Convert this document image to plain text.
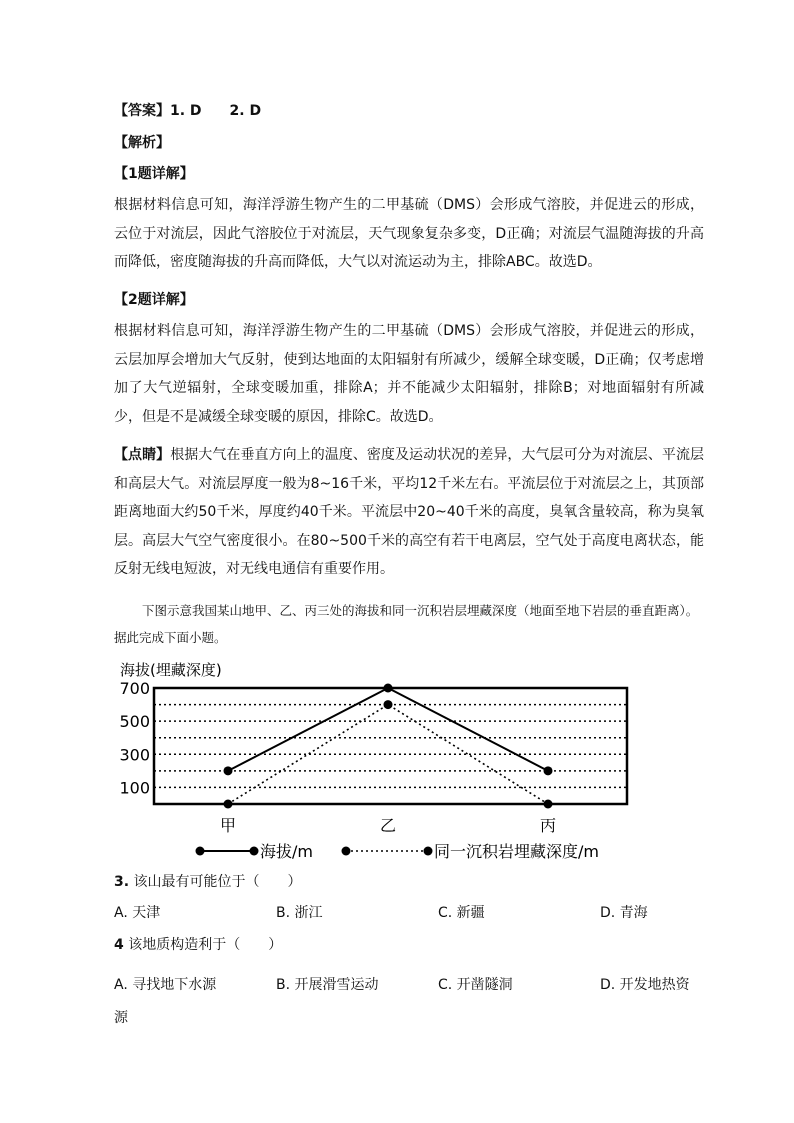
【答案】1. D　　2. D
【解析】
【1题详解】
根据材料信息可知，海洋浮游生物产生的二甲基硫（DMS）会形成气溶胶，并促进云的形成，云位于对流层，因此气溶胶位于对流层，天气现象复杂多变，D正确；对流层气温随海拔的升高而降低，密度随海拔的升高而降低，大气以对流运动为主，排除ABC。故选D。
【2题详解】
根据材料信息可知，海洋浮游生物产生的二甲基硫（DMS）会形成气溶胶，并促进云的形成，云层加厚会增加大气反射，使到达地面的太阳辐射有所减少，缓解全球变暖，D正确；仅考虑增加了大气逆辐射，全球变暖加重，排除A；并不能减少太阳辐射，排除B；对地面辐射有所减少，但是不是减缓全球变暖的原因，排除C。故选D。
【点睛】根据大气在垂直方向上的温度、密度及运动状况的差异，大气层可分为对流层、平流层和高层大气。对流层厚度一般为8~16千米，平均12千米左右。平流层位于对流层之上，其顶部距离地面大约50千米，厚度约40千米。平流层中20~40千米的高度，臭氧含量较高，称为臭氧层。高层大气空气密度很小。在80~500千米的高空有若干电离层，空气处于高度电离状态，能反射无线电短波，对无线电通信有重要作用。
下图示意我国某山地甲、乙、丙三处的海拔和同一沉积岩层埋藏深度（地面至地下岩层的垂直距离）。据此完成下面小题。
海拔(埋藏深度)
700
500
300
100
甲	乙	丙
海拔/m	同一沉积岩埋藏深度/m
3. 该山最有可能位于（　　）
A. 天津	B. 浙江	C. 新疆	D. 青海
4 该地质构造利于（　　）
A. 寻找地下水源	B. 开展滑雪运动	C. 开凿隧洞	D. 开发地热资
源
